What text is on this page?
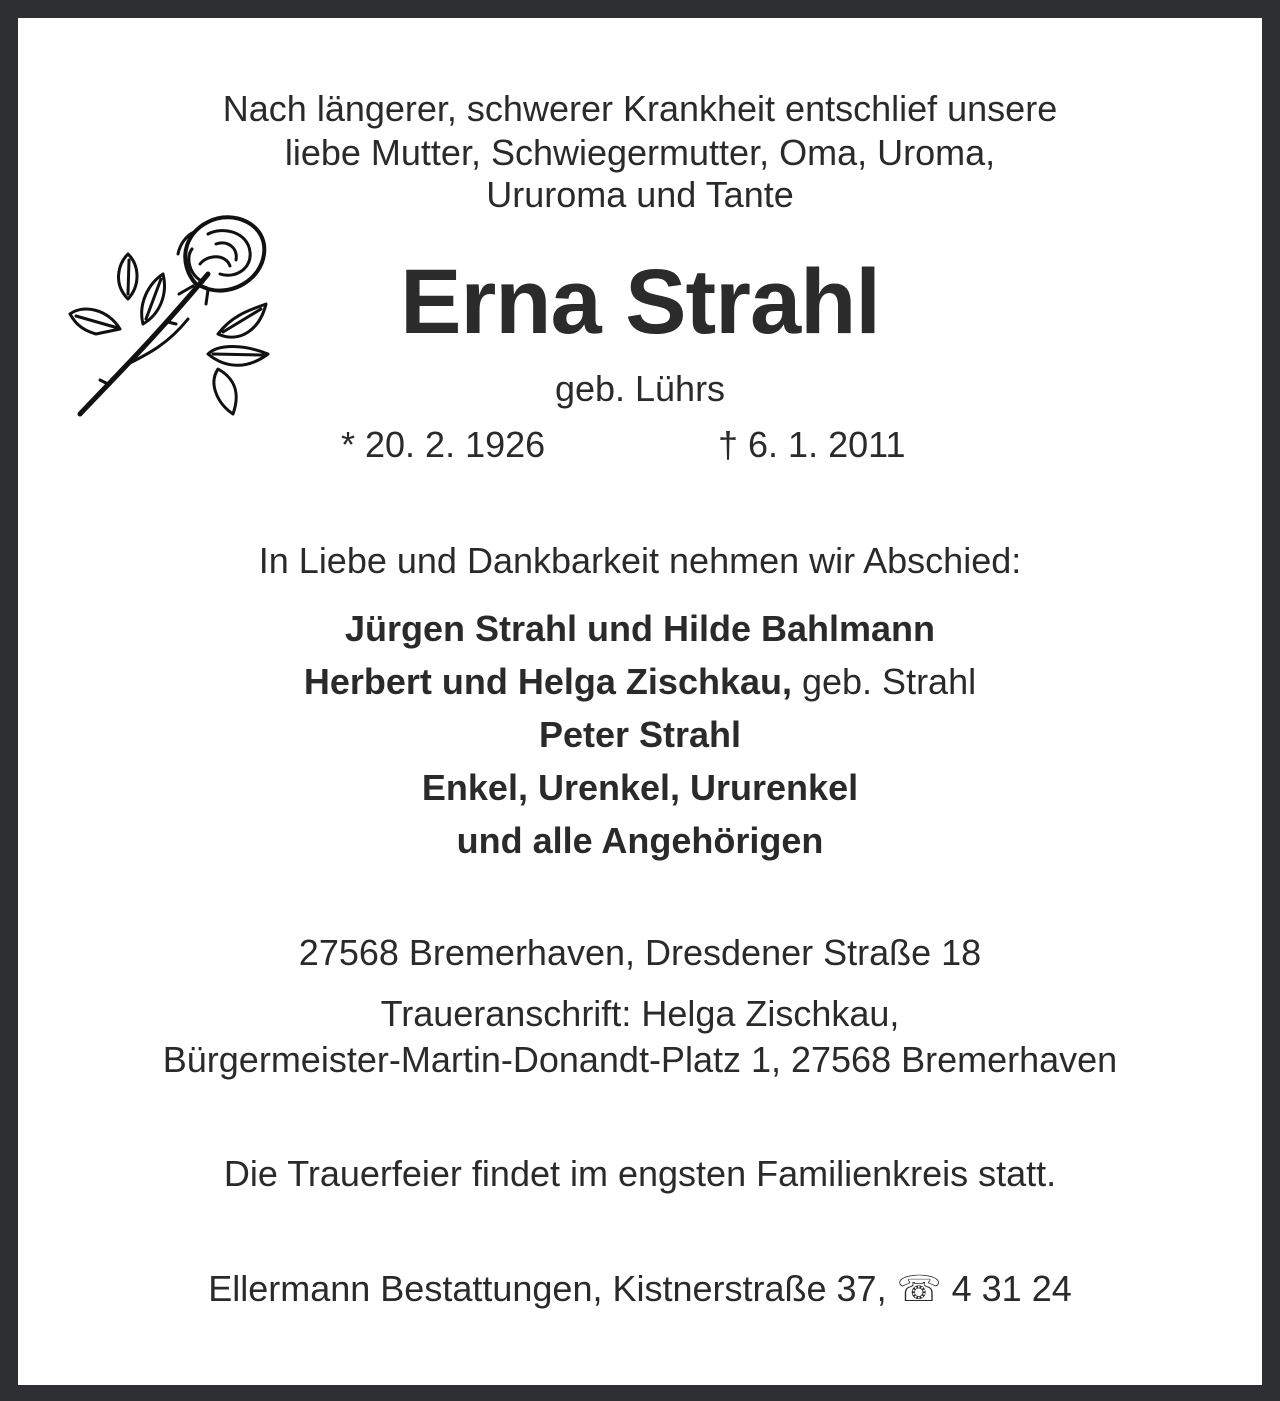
Nach längerer, schwerer Krankheit entschlief unsere
liebe Mutter, Schwiegermutter, Oma, Uroma,
Ururoma und Tante
Erna Strahl
geb. Lührs
* 20. 2. 1926	† 6. 1. 2011
In Liebe und Dankbarkeit nehmen wir Abschied:
Jürgen Strahl und Hilde Bahlmann
Herbert und Helga Zischkau, geb. Strahl
Peter Strahl
Enkel, Urenkel, Ururenkel
und alle Angehörigen
27568 Bremerhaven, Dresdener Straße 18
Traueranschrift: Helga Zischkau,
Bürgermeister-Martin-Donandt-Platz 1, 27568 Bremerhaven
Die Trauerfeier findet im engsten Familienkreis statt.
Ellermann Bestattungen, Kistnerstraße 37, ☏ 4 31 24
